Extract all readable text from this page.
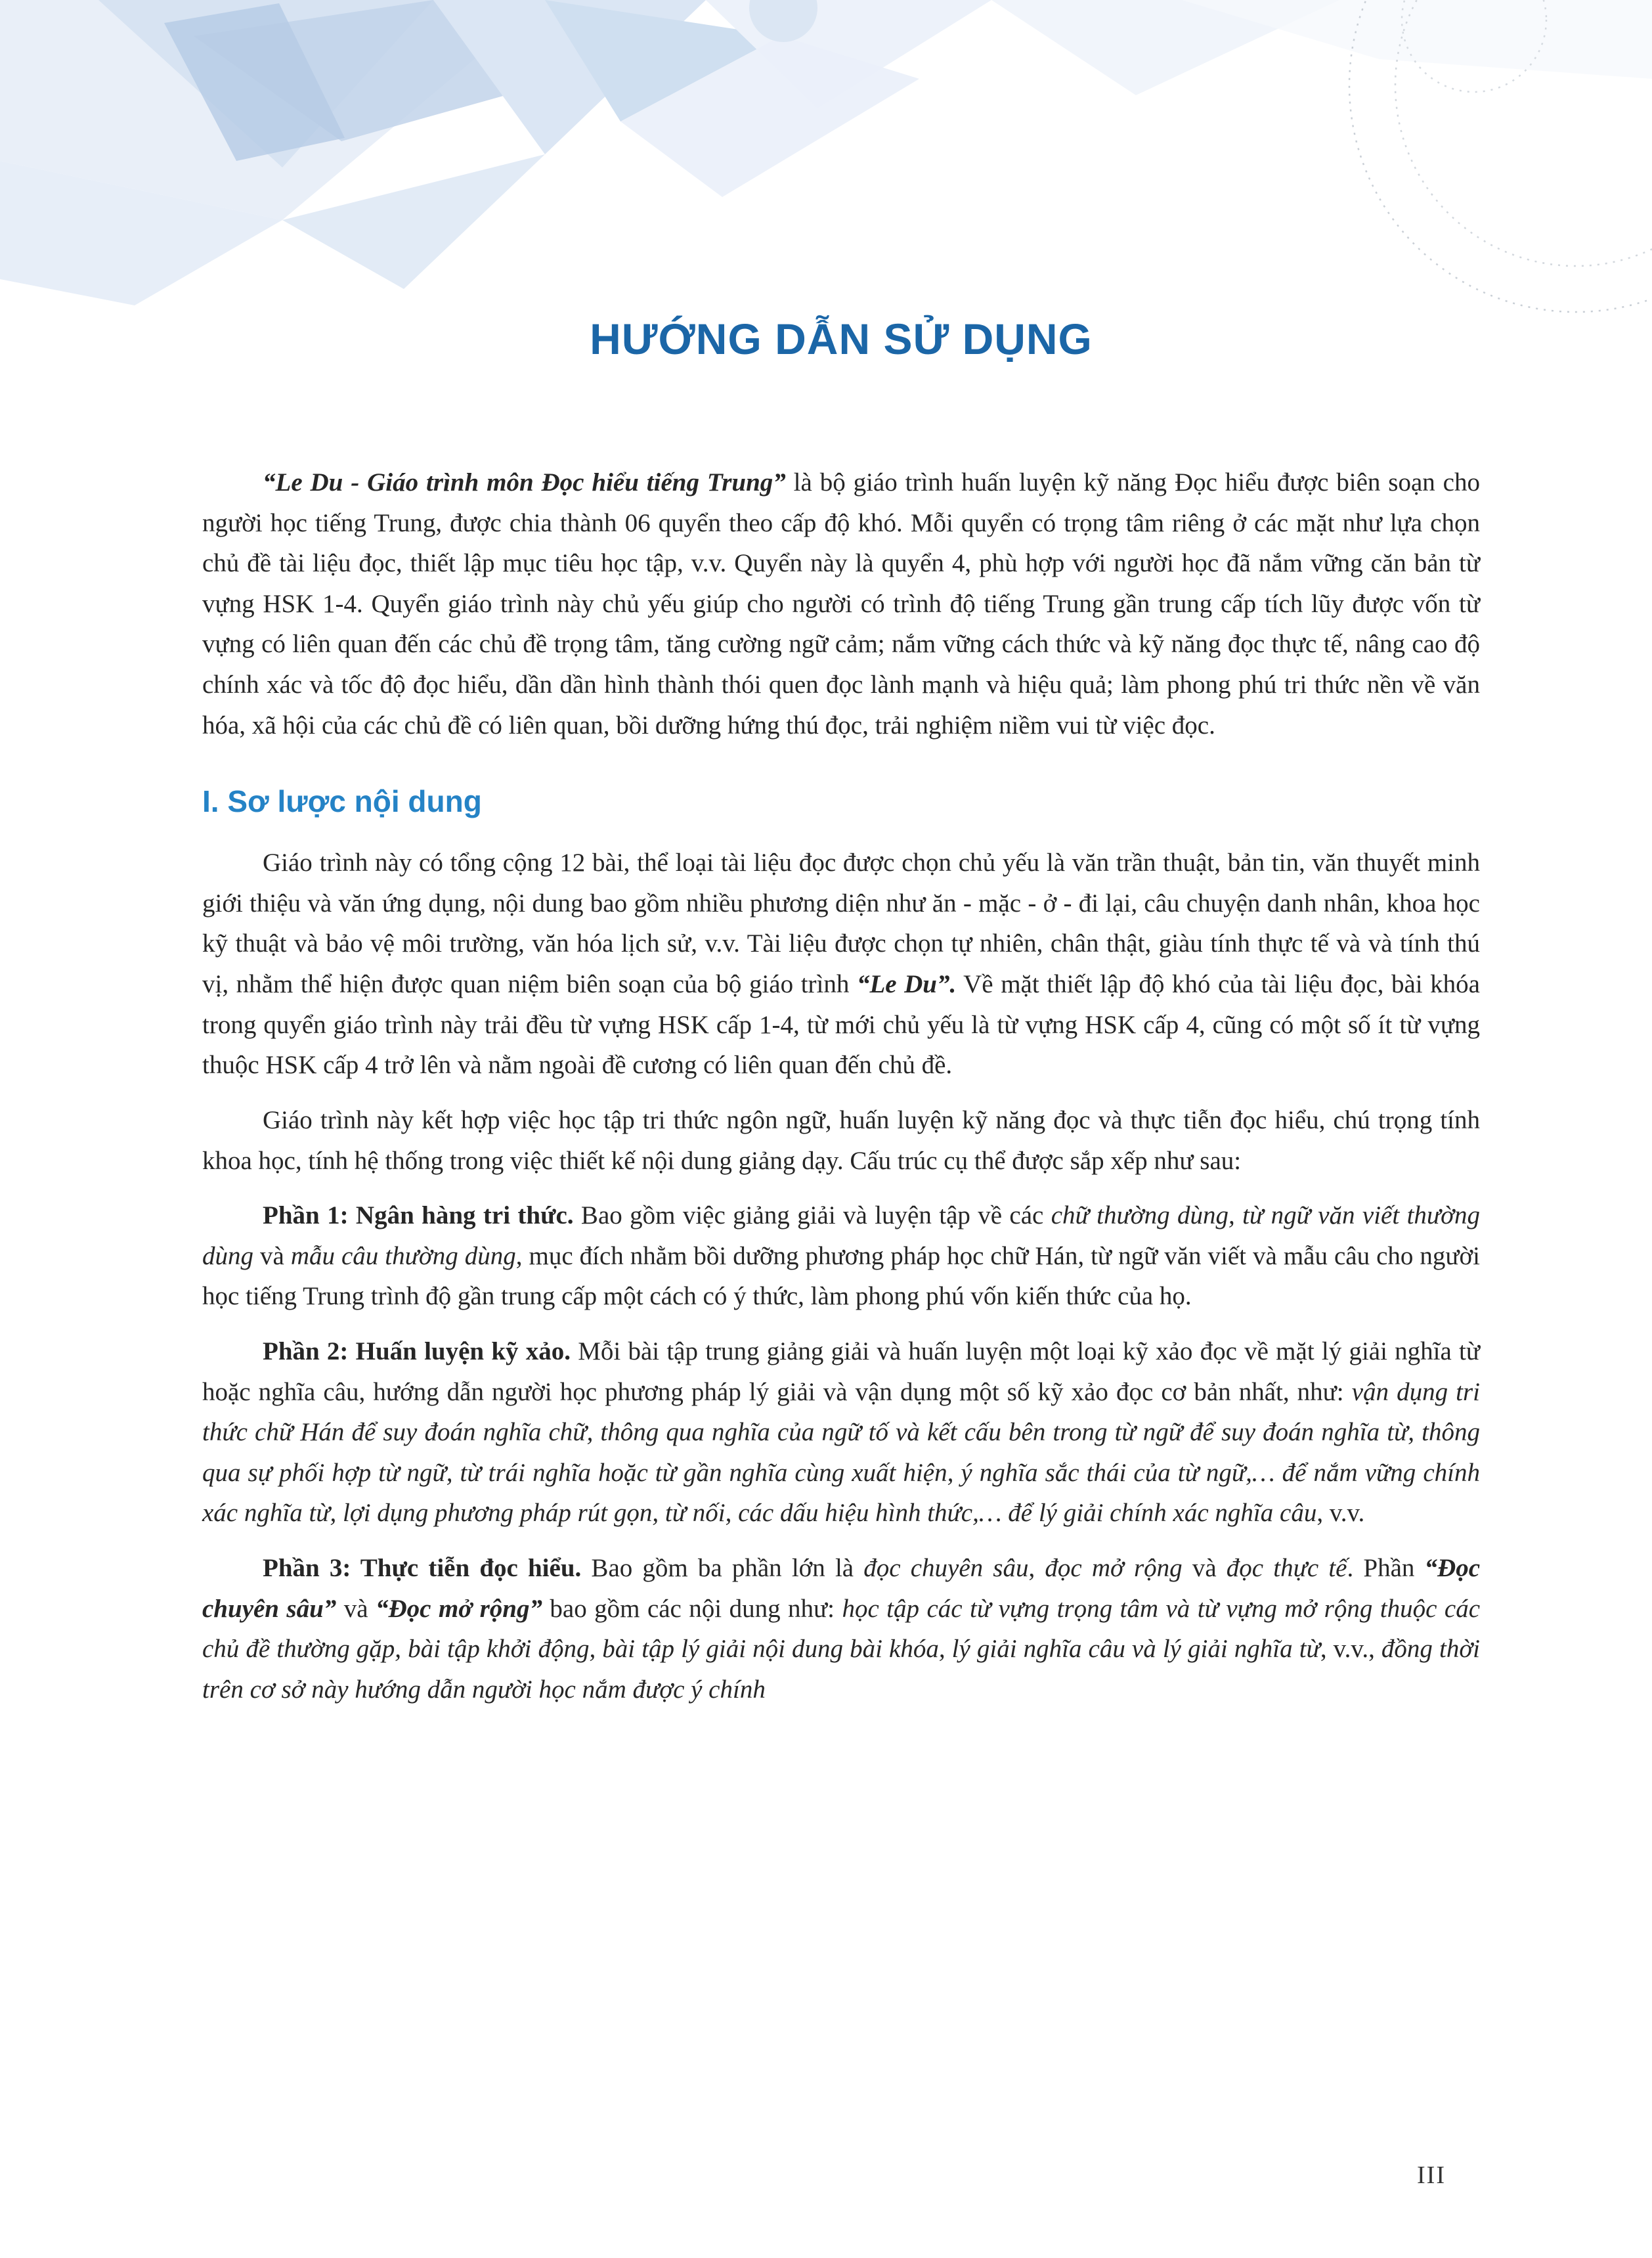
HƯỚNG DẪN SỬ DỤNG

“Le Du - Giáo trình môn Đọc hiểu tiếng Trung” là bộ giáo trình huấn luyện kỹ năng Đọc hiểu được biên soạn cho người học tiếng Trung, được chia thành 06 quyển theo cấp độ khó. Mỗi quyển có trọng tâm riêng ở các mặt như lựa chọn chủ đề tài liệu đọc, thiết lập mục tiêu học tập, v.v. Quyển này là quyển 4, phù hợp với người học đã nắm vững căn bản từ vựng HSK 1-4. Quyển giáo trình này chủ yếu giúp cho người có trình độ tiếng Trung gần trung cấp tích lũy được vốn từ vựng có liên quan đến các chủ đề trọng tâm, tăng cường ngữ cảm; nắm vững cách thức và kỹ năng đọc thực tế, nâng cao độ chính xác và tốc độ đọc hiểu, dần dần hình thành thói quen đọc lành mạnh và hiệu quả; làm phong phú tri thức nền về văn hóa, xã hội của các chủ đề có liên quan, bồi dưỡng hứng thú đọc, trải nghiệm niềm vui từ việc đọc.

I. Sơ lược nội dung

Giáo trình này có tổng cộng 12 bài, thể loại tài liệu đọc được chọn chủ yếu là văn trần thuật, bản tin, văn thuyết minh giới thiệu và văn ứng dụng, nội dung bao gồm nhiều phương diện như ăn - mặc - ở - đi lại, câu chuyện danh nhân, khoa học kỹ thuật và bảo vệ môi trường, văn hóa lịch sử, v.v. Tài liệu được chọn tự nhiên, chân thật, giàu tính thực tế và và tính thú vị, nhằm thể hiện được quan niệm biên soạn của bộ giáo trình “Le Du”. Về mặt thiết lập độ khó của tài liệu đọc, bài khóa trong quyển giáo trình này trải đều từ vựng HSK cấp 1-4, từ mới chủ yếu là từ vựng HSK cấp 4, cũng có một số ít từ vựng thuộc HSK cấp 4 trở lên và nằm ngoài đề cương có liên quan đến chủ đề.

Giáo trình này kết hợp việc học tập tri thức ngôn ngữ, huấn luyện kỹ năng đọc và thực tiễn đọc hiểu, chú trọng tính khoa học, tính hệ thống trong việc thiết kế nội dung giảng dạy. Cấu trúc cụ thể được sắp xếp như sau:

Phần 1: Ngân hàng tri thức. Bao gồm việc giảng giải và luyện tập về các chữ thường dùng, từ ngữ văn viết thường dùng và mẫu câu thường dùng, mục đích nhằm bồi dưỡng phương pháp học chữ Hán, từ ngữ văn viết và mẫu câu cho người học tiếng Trung trình độ gần trung cấp một cách có ý thức, làm phong phú vốn kiến thức của họ.

Phần 2: Huấn luyện kỹ xảo. Mỗi bài tập trung giảng giải và huấn luyện một loại kỹ xảo đọc về mặt lý giải nghĩa từ hoặc nghĩa câu, hướng dẫn người học phương pháp lý giải và vận dụng một số kỹ xảo đọc cơ bản nhất, như: vận dụng tri thức chữ Hán để suy đoán nghĩa chữ, thông qua nghĩa của ngữ tố và kết cấu bên trong từ ngữ để suy đoán nghĩa từ, thông qua sự phối hợp từ ngữ, từ trái nghĩa hoặc từ gần nghĩa cùng xuất hiện, ý nghĩa sắc thái của từ ngữ,… để nắm vững chính xác nghĩa từ, lợi dụng phương pháp rút gọn, từ nối, các dấu hiệu hình thức,… để lý giải chính xác nghĩa câu, v.v.

Phần 3: Thực tiễn đọc hiểu. Bao gồm ba phần lớn là đọc chuyên sâu, đọc mở rộng và đọc thực tế. Phần “Đọc chuyên sâu” và “Đọc mở rộng” bao gồm các nội dung như: học tập các từ vựng trọng tâm và từ vựng mở rộng thuộc các chủ đề thường gặp, bài tập khởi động, bài tập lý giải nội dung bài khóa, lý giải nghĩa câu và lý giải nghĩa từ, v.v., đồng thời trên cơ sở này hướng dẫn người học nắm được ý chính

III
